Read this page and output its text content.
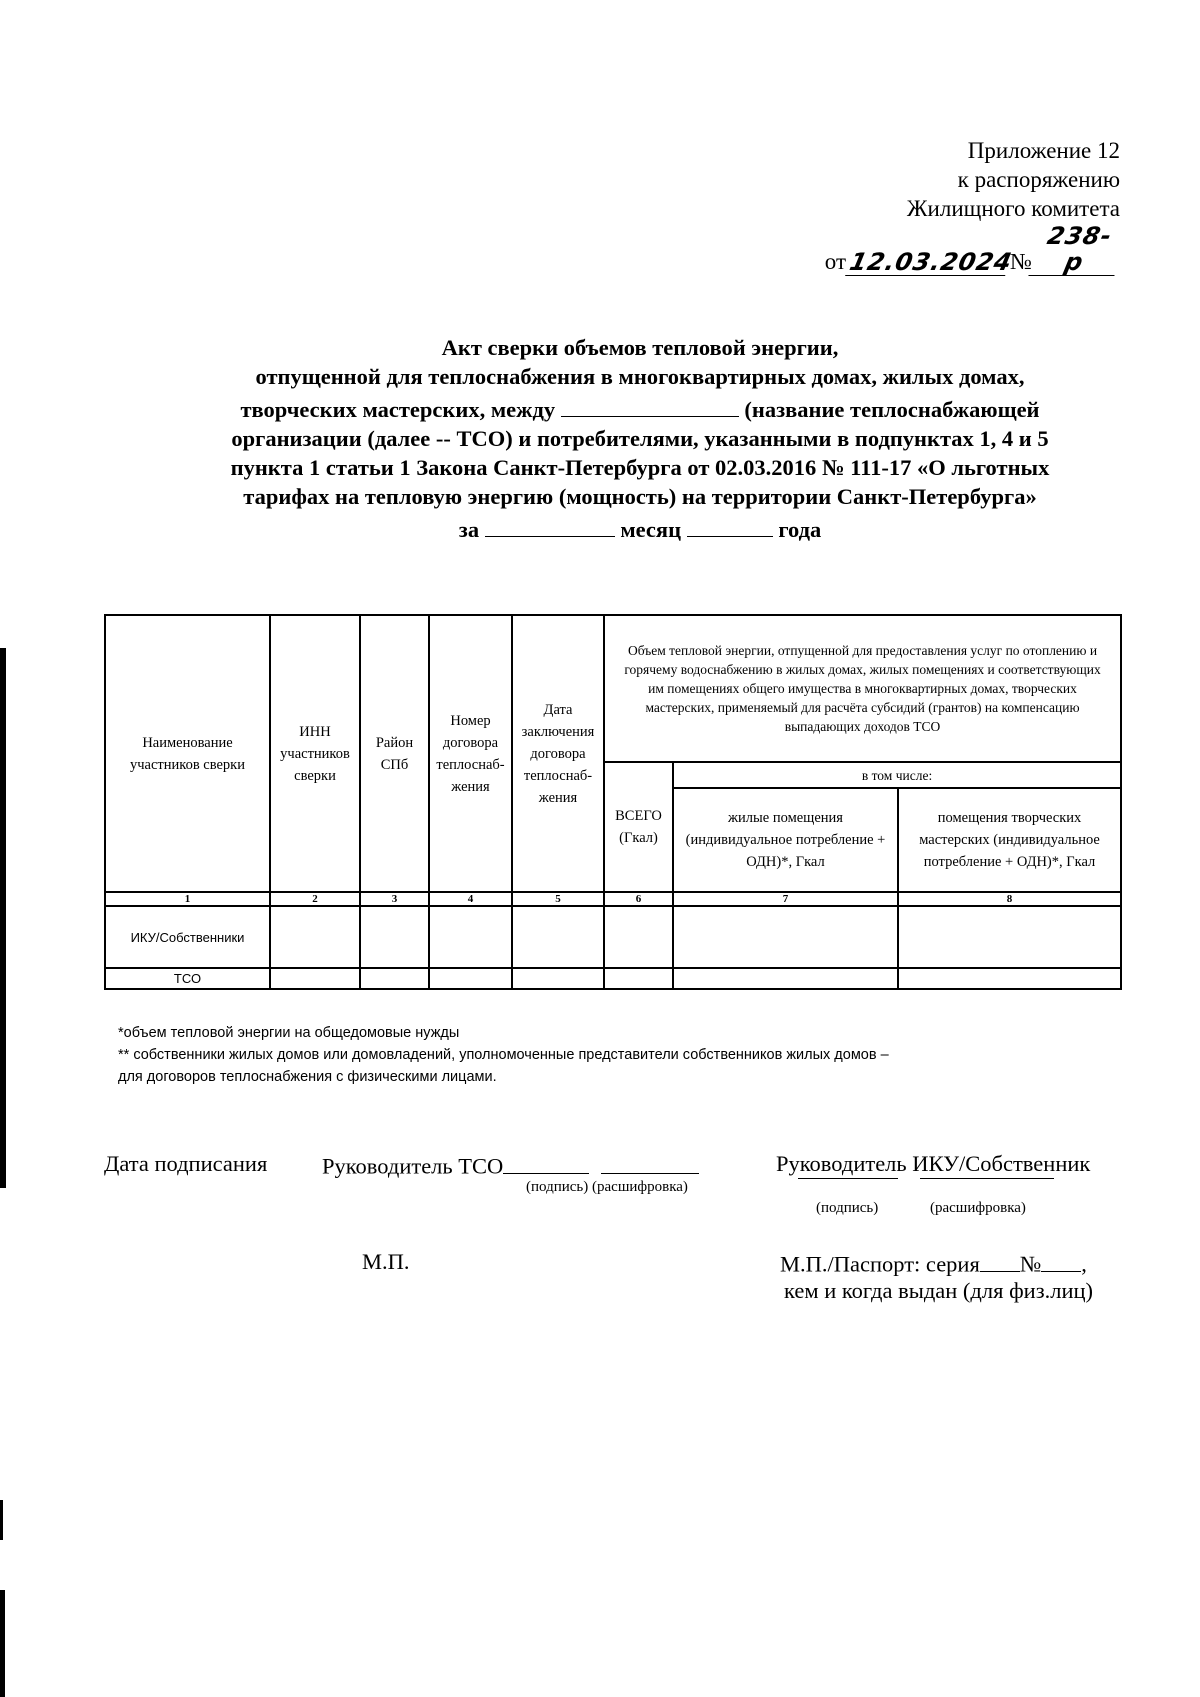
Приложение 12
к распоряжению
Жилищного комитета
от 12.03.2024
№
238-р
Акт сверки объемов тепловой энергии,
отпущенной для теплоснабжения в многоквартирных домах, жилых домах,
творческих мастерских, между	(название теплоснабжающей
организации (далее -- ТСО) и потребителями, указанными в подпунктах 1, 4 и 5
пункта 1 статьи 1 Закона Санкт-Петербурга от 02.03.2016 № 111-17 «О льготных
тарифах на тепловую энергию (мощность) на территории Санкт-Петербурга»
за	месяц	года
Наименование участников сверки	ИНН участников сверки	Район СПб	Номер договора теплоснаб-жения	Дата заключения договора теплоснаб-жения	Объем тепловой энергии, отпущенной для предоставления услуг по отоплению и горячему водоснабжению в жилых домах, жилых помещениях и соответствующих им помещениях общего имущества в многоквартирных домах, творческих мастерских, применяемый для расчёта субсидий (грантов) на компенсацию выпадающих доходов ТСО		
					ВСЕГО (Гкал)	в том числе:	
						жилые помещения (индивидуальное потребление + ОДН)*, Гкал	помещения творческих мастерских (индивидуальное потребление + ОДН)*, Гкал
1	2	3	4	5	6	7	8
ИКУ/Собственники							
ТСО							
*объем тепловой энергии на общедомовые нужды
** собственники жилых домов или домовладений, уполномоченные представители собственников жилых домов –
для договоров теплоснабжения с физическими лицами.
Дата подписания Руководитель ТСО
(подпись) (расшифровка)
Руководитель ИКУ/Собственник
(подпись)	(расшифровка)
М.П.	М.П./Паспорт: серия № ,
кем и когда выдан (для физ.лиц)
